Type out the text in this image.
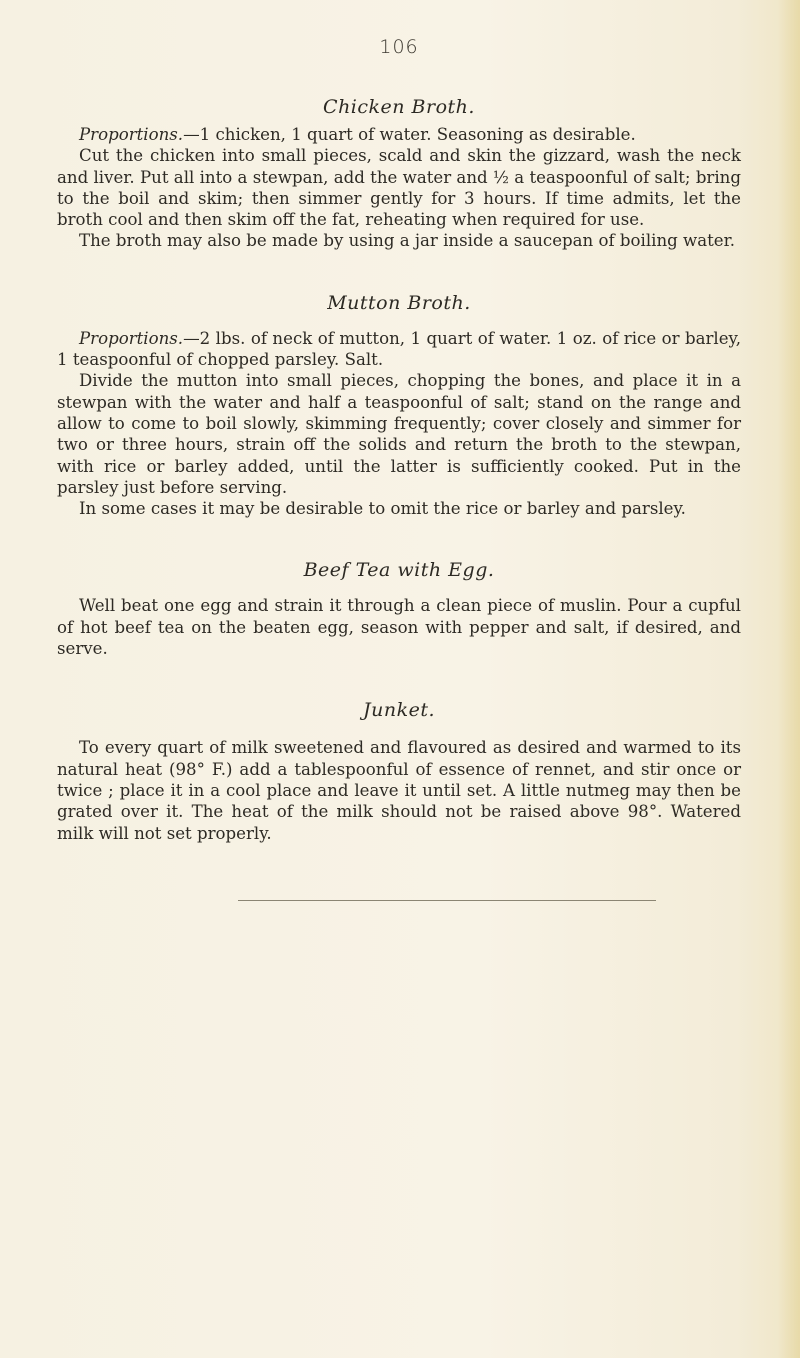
106
Chicken Broth.

Proportions.—1 chicken, 1 quart of water. Seasoning as desirable.

Cut the chicken into small pieces, scald and skin the gizzard, wash the neck and liver. Put all into a stewpan, add the water and ½ a teaspoonful of salt; bring to the boil and skim; then simmer gently for 3 hours. If time admits, let the broth cool and then skim off the fat, reheating when required for use.

The broth may also be made by using a jar inside a saucepan of boiling water.

Mutton Broth.

Proportions.—2 lbs. of neck of mutton, 1 quart of water. 1 oz. of rice or barley, 1 teaspoonful of chopped parsley. Salt.

Divide the mutton into small pieces, chopping the bones, and place it in a stewpan with the water and half a teaspoonful of salt; stand on the range and allow to come to boil slowly, skimming frequently; cover closely and simmer for two or three hours, strain off the solids and return the broth to the stewpan, with rice or barley added, until the latter is sufficiently cooked. Put in the parsley just before serving.

In some cases it may be desirable to omit the rice or barley and parsley.

Beef Tea with Egg.

Well beat one egg and strain it through a clean piece of muslin. Pour a cupful of hot beef tea on the beaten egg, season with pepper and salt, if desired, and serve.

Junket.

To every quart of milk sweetened and flavoured as desired and warmed to its natural heat (98° F.) add a tablespoonful of essence of rennet, and stir once or twice ; place it in a cool place and leave it until set. A little nutmeg may then be grated over it. The heat of the milk should not be raised above 98°. Watered milk will not set properly.
